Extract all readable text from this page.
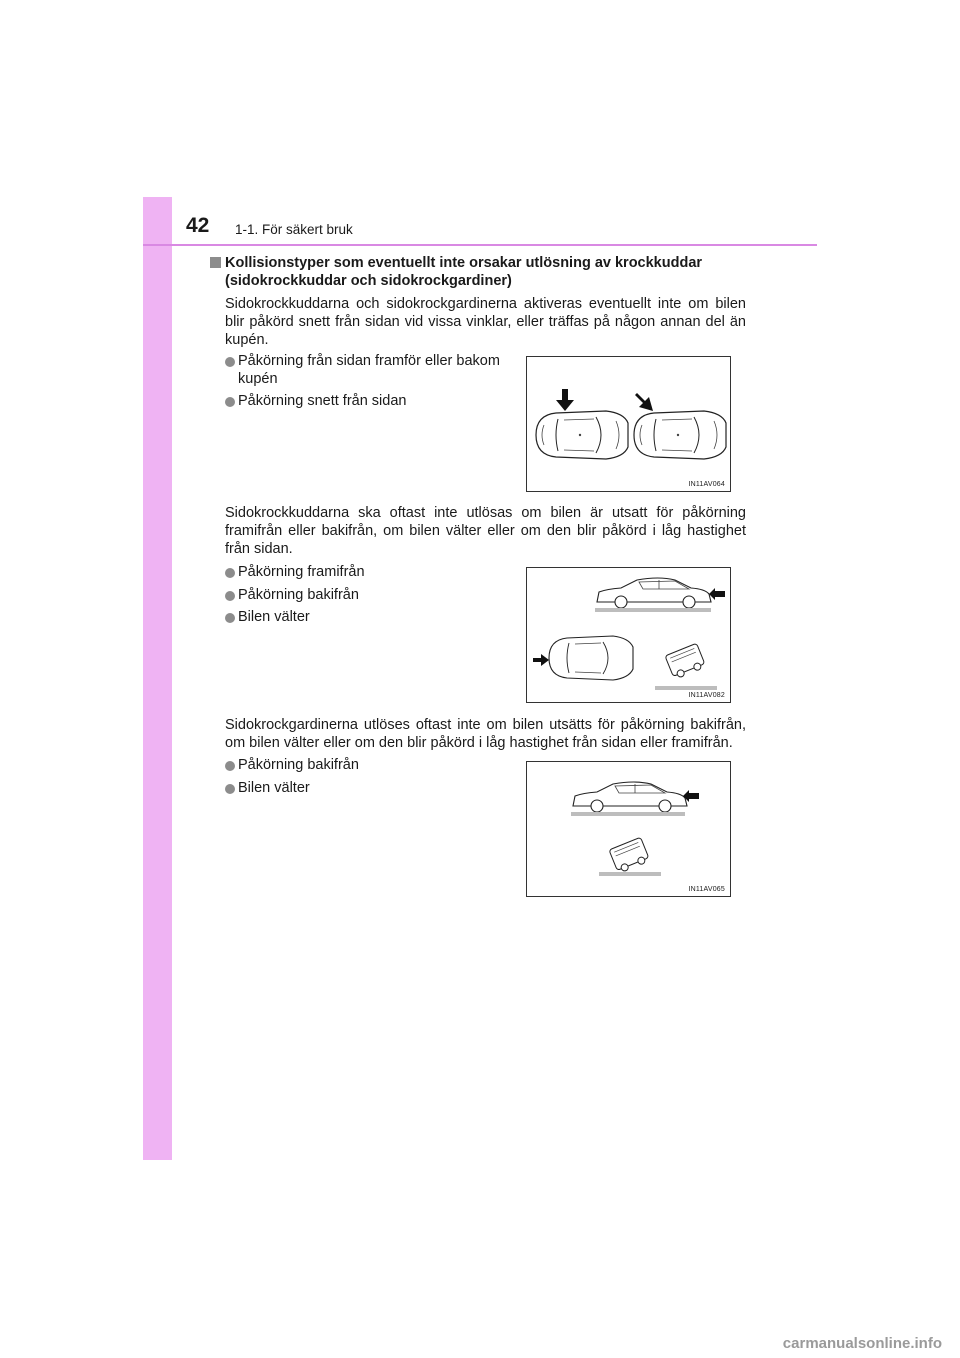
42 1-1. För säkert bruk
Kollisionstyper som eventuellt inte orsakar utlösning av krockkuddar
(sidokrockkuddar och sidokrockgardiner)
Sidokrockkuddarna och sidokrockgardinerna aktiveras eventuellt inte om bilen blir påkörd snett från sidan vid vissa vinklar, eller träffas på någon annan del än kupén.
Påkörning från sidan framför eller bakom kupén
Påkörning snett från sidan
IN11AV064
Sidokrockkuddarna ska oftast inte utlösas om bilen är utsatt för påkörning framifrån eller bakifrån, om bilen välter eller om den blir påkörd i låg hastighet från sidan.
Påkörning framifrån
Påkörning bakifrån
Bilen välter
IN11AV082
Sidokrockgardinerna utlöses oftast inte om bilen utsätts för påkörning bakifrån, om bilen välter eller om den blir påkörd i låg hastighet från sidan eller framifrån.
Påkörning bakifrån
Bilen välter
IN11AV065
carmanualsonline.info
